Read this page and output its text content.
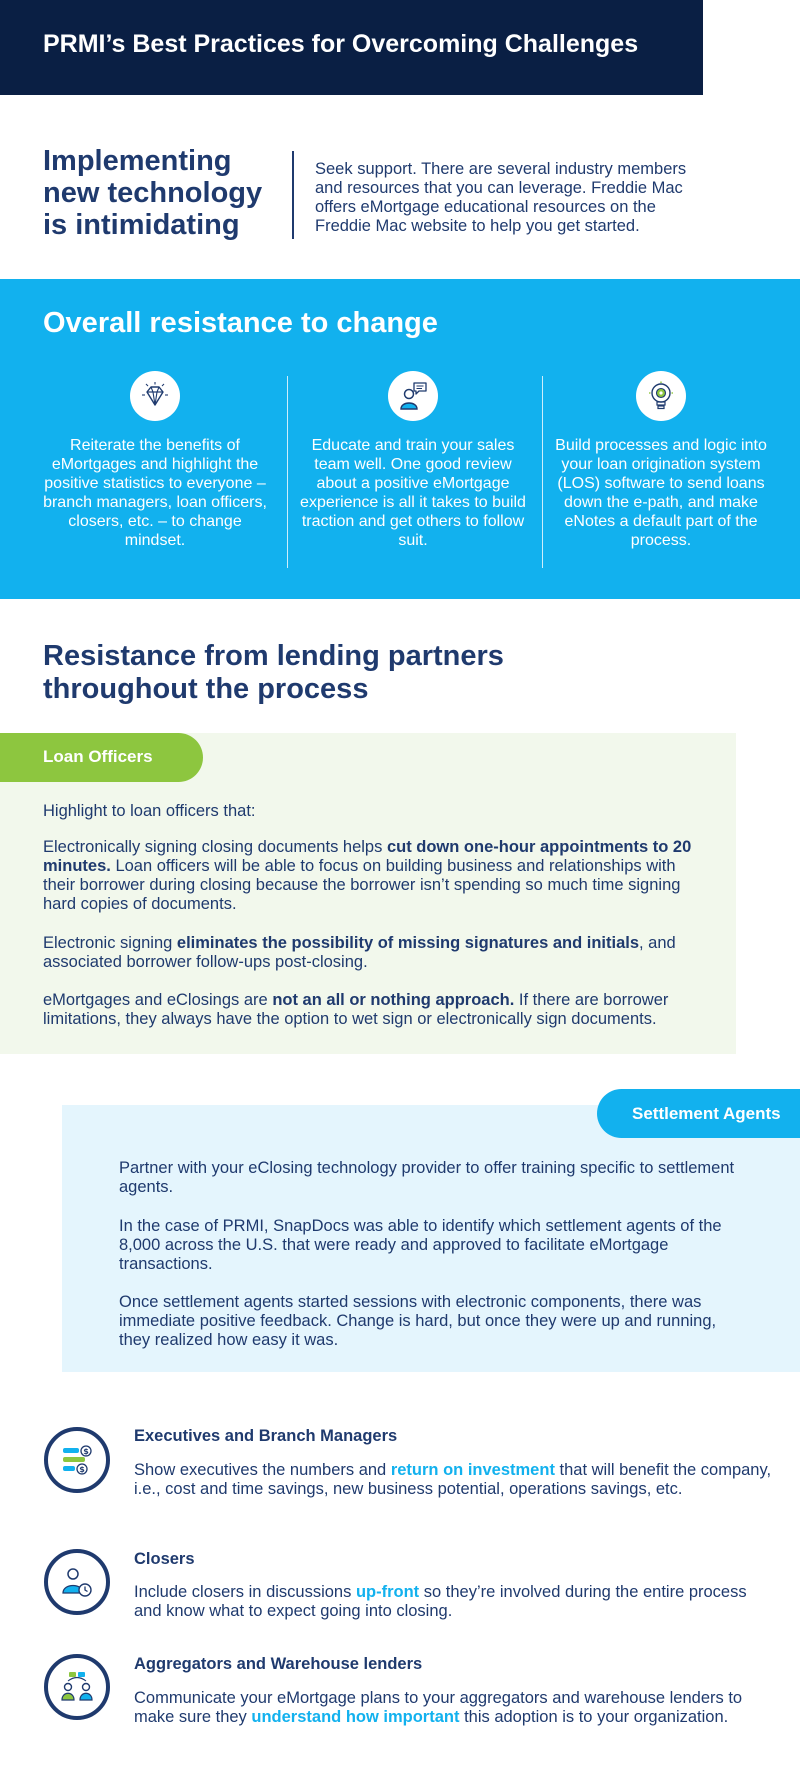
PRMI’s Best Practices for Overcoming Challenges
Implementing new technology is intimidating
Seek support. There are several industry members and resources that you can leverage. Freddie Mac offers eMortgage educational resources on the Freddie Mac website to help you get started.
Overall resistance to change
Reiterate the benefits of eMortgages and highlight the positive statistics to everyone – branch managers, loan officers, closers, etc. – to change mindset.
Educate and train your sales team well. One good review about a positive eMortgage experience is all it takes to build traction and get others to follow suit.
Build processes and logic into your loan origination system (LOS) software to send loans down the e-path, and make eNotes a default part of the process.
Resistance from lending partners throughout the process
Loan Officers
Highlight to loan officers that:
Electronically signing closing documents helps cut down one-hour appointments to 20 minutes. Loan officers will be able to focus on building business and relationships with their borrower during closing because the borrower isn’t spending so much time signing hard copies of documents.
Electronic signing eliminates the possibility of missing signatures and initials, and associated borrower follow-ups post-closing.
eMortgages and eClosings are not an all or nothing approach. If there are borrower limitations, they always have the option to wet sign or electronically sign documents.
Settlement Agents
Partner with your eClosing technology provider to offer training specific to settlement agents.
In the case of PRMI, SnapDocs was able to identify which settlement agents of the 8,000 across the U.S. that were ready and approved to facilitate eMortgage transactions.
Once settlement agents started sessions with electronic components, there was immediate positive feedback. Change is hard, but once they were up and running, they realized how easy it was.
$
$
Executives and Branch Managers
Show executives the numbers and return on investment that will benefit the company, i.e., cost and time savings, new business potential, operations savings, etc.
Closers
Include closers in discussions up-front so they’re involved during the entire process and know what to expect going into closing.
Aggregators and Warehouse lenders
Communicate your eMortgage plans to your aggregators and warehouse lenders to make sure they understand how important this adoption is to your organization.
